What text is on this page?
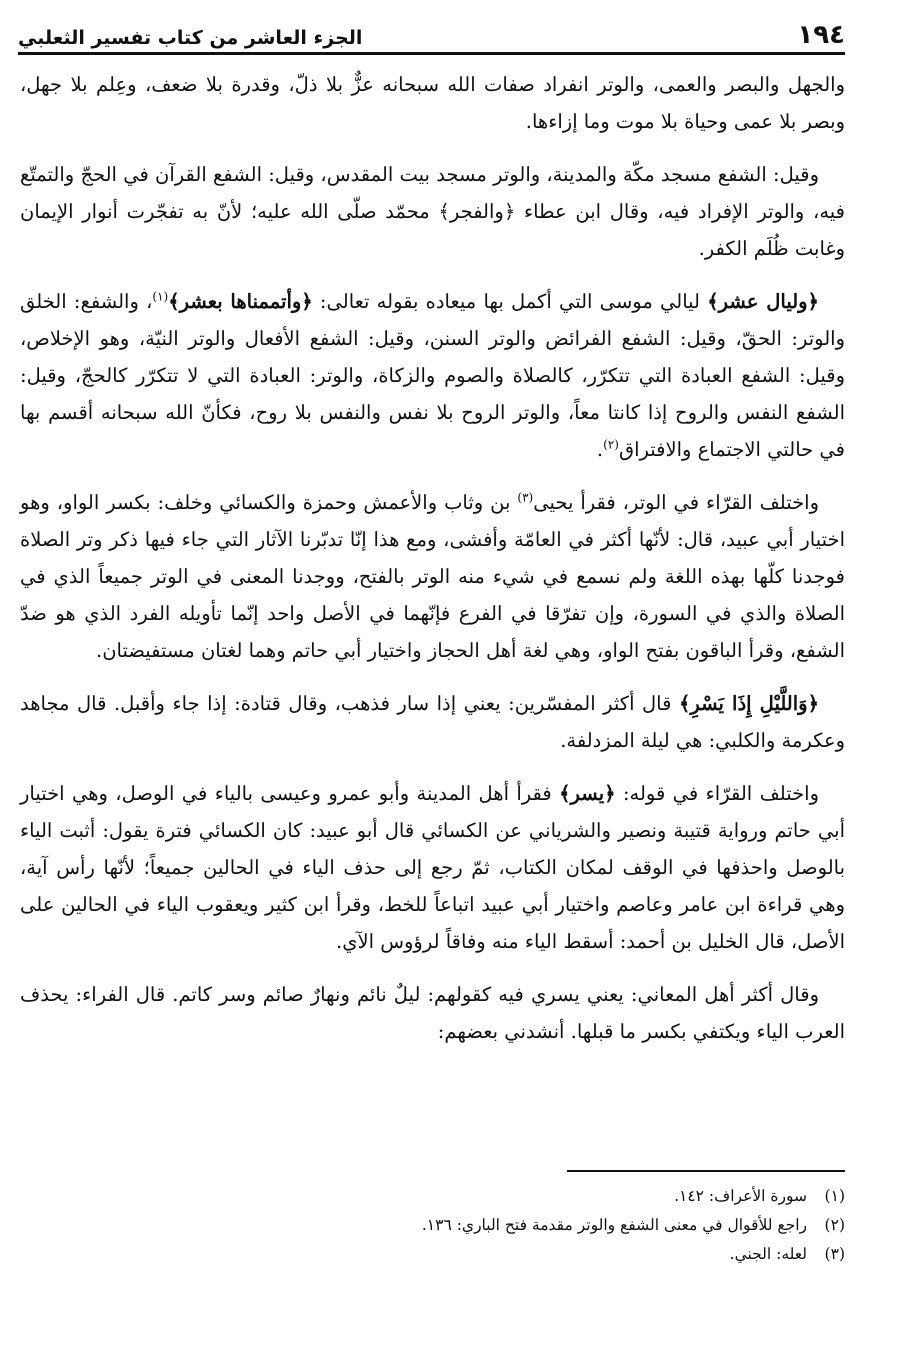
١٩٤
الجزء العاشر من كتاب تفسير الثعلبي

والجهل والبصر والعمى، والوتر انفراد صفات الله سبحانه عزٌّ بلا ذلّ، وقدرة بلا ضعف، وعِلم بلا جهل، وبصر بلا عمى وحياة بلا موت وما إزاءها.

وقيل: الشفع مسجد مكّة والمدينة، والوتر مسجد بيت المقدس، وقيل: الشفع القرآن في الحجّ والتمتّع فيه، والوتر الإفراد فيه، وقال ابن عطاء ﴿والفجر﴾ محمّد صلّى الله عليه؛ لأنّ به تفجّرت أنوار الإيمان وغابت ظُلَم الكفر.

﴿وليال عشر﴾ ليالي موسى التي أكمل بها ميعاده بقوله تعالى: ﴿وأتممناها بعشر﴾$^{(١)}$، والشفع: الخلق والوتر: الحقّ، وقيل: الشفع الفرائض والوتر السنن، وقيل: الشفع الأفعال والوتر النيّة، وهو الإخلاص، وقيل: الشفع العبادة التي تتكرّر، كالصلاة والصوم والزكاة، والوتر: العبادة التي لا تتكرّر كالحجّ، وقيل: الشفع النفس والروح إذا كانتا معاً، والوتر الروح بلا نفس والنفس بلا روح، فكأنّ الله سبحانه أقسم بها في حالتي الاجتماع والافتراق$^{(٢)}$.

واختلف القرّاء في الوتر، فقرأ يحيى$^{(٣)}$ بن وثاب والأعمش وحمزة والكسائي وخلف: بكسر الواو، وهو اختيار أبي عبيد، قال: لأنّها أكثر في العامّة وأفشى، ومع هذا إنّا تدبّرنا الآثار التي جاء فيها ذكر وتر الصلاة فوجدنا كلّها بهذه اللغة ولم نسمع في شيء منه الوتر بالفتح، ووجدنا المعنى في الوتر جميعاً الذي في الصلاة والذي في السورة، وإن تفرّقا في الفرع فإنّهما في الأصل واحد إنّما تأويله الفرد الذي هو ضدّ الشفع، وقرأ الباقون بفتح الواو، وهي لغة أهل الحجاز واختيار أبي حاتم وهما لغتان مستفيضتان.

﴿وَاللَّيْلِ إِذَا يَسْرِ﴾ قال أكثر المفسّرين: يعني إذا سار فذهب، وقال قتادة: إذا جاء وأقبل. قال مجاهد وعكرمة والكلبي: هي ليلة المزدلفة.

واختلف القرّاء في قوله: ﴿يسر﴾ فقرأ أهل المدينة وأبو عمرو وعيسى بالياء في الوصل، وهي اختيار أبي حاتم ورواية قتيبة ونصير والشرياني عن الكسائي قال أبو عبيد: كان الكسائي فترة يقول: أثبت الياء بالوصل واحذفها في الوقف لمكان الكتاب، ثمّ رجع إلى حذف الياء في الحالين جميعاً؛ لأنّها رأس آية، وهي قراءة ابن عامر وعاصم واختيار أبي عبيد اتباعاً للخط، وقرأ ابن كثير ويعقوب الياء في الحالين على الأصل، قال الخليل بن أحمد: أسقط الياء منه وفاقاً لرؤوس الآي.

وقال أكثر أهل المعاني: يعني يسري فيه كقولهم: ليلٌ نائم ونهارٌ صائم وسر كاتم. قال الفراء: يحذف العرب الياء ويكتفي بكسر ما قبلها. أنشدني بعضهم:

(١)
سورة الأعراف: ١٤٢.
(٢)
راجع للأقوال في معنى الشفع والوتر مقدمة فتح الباري: ١٣٦.
(٣)
لعله: الجني.
